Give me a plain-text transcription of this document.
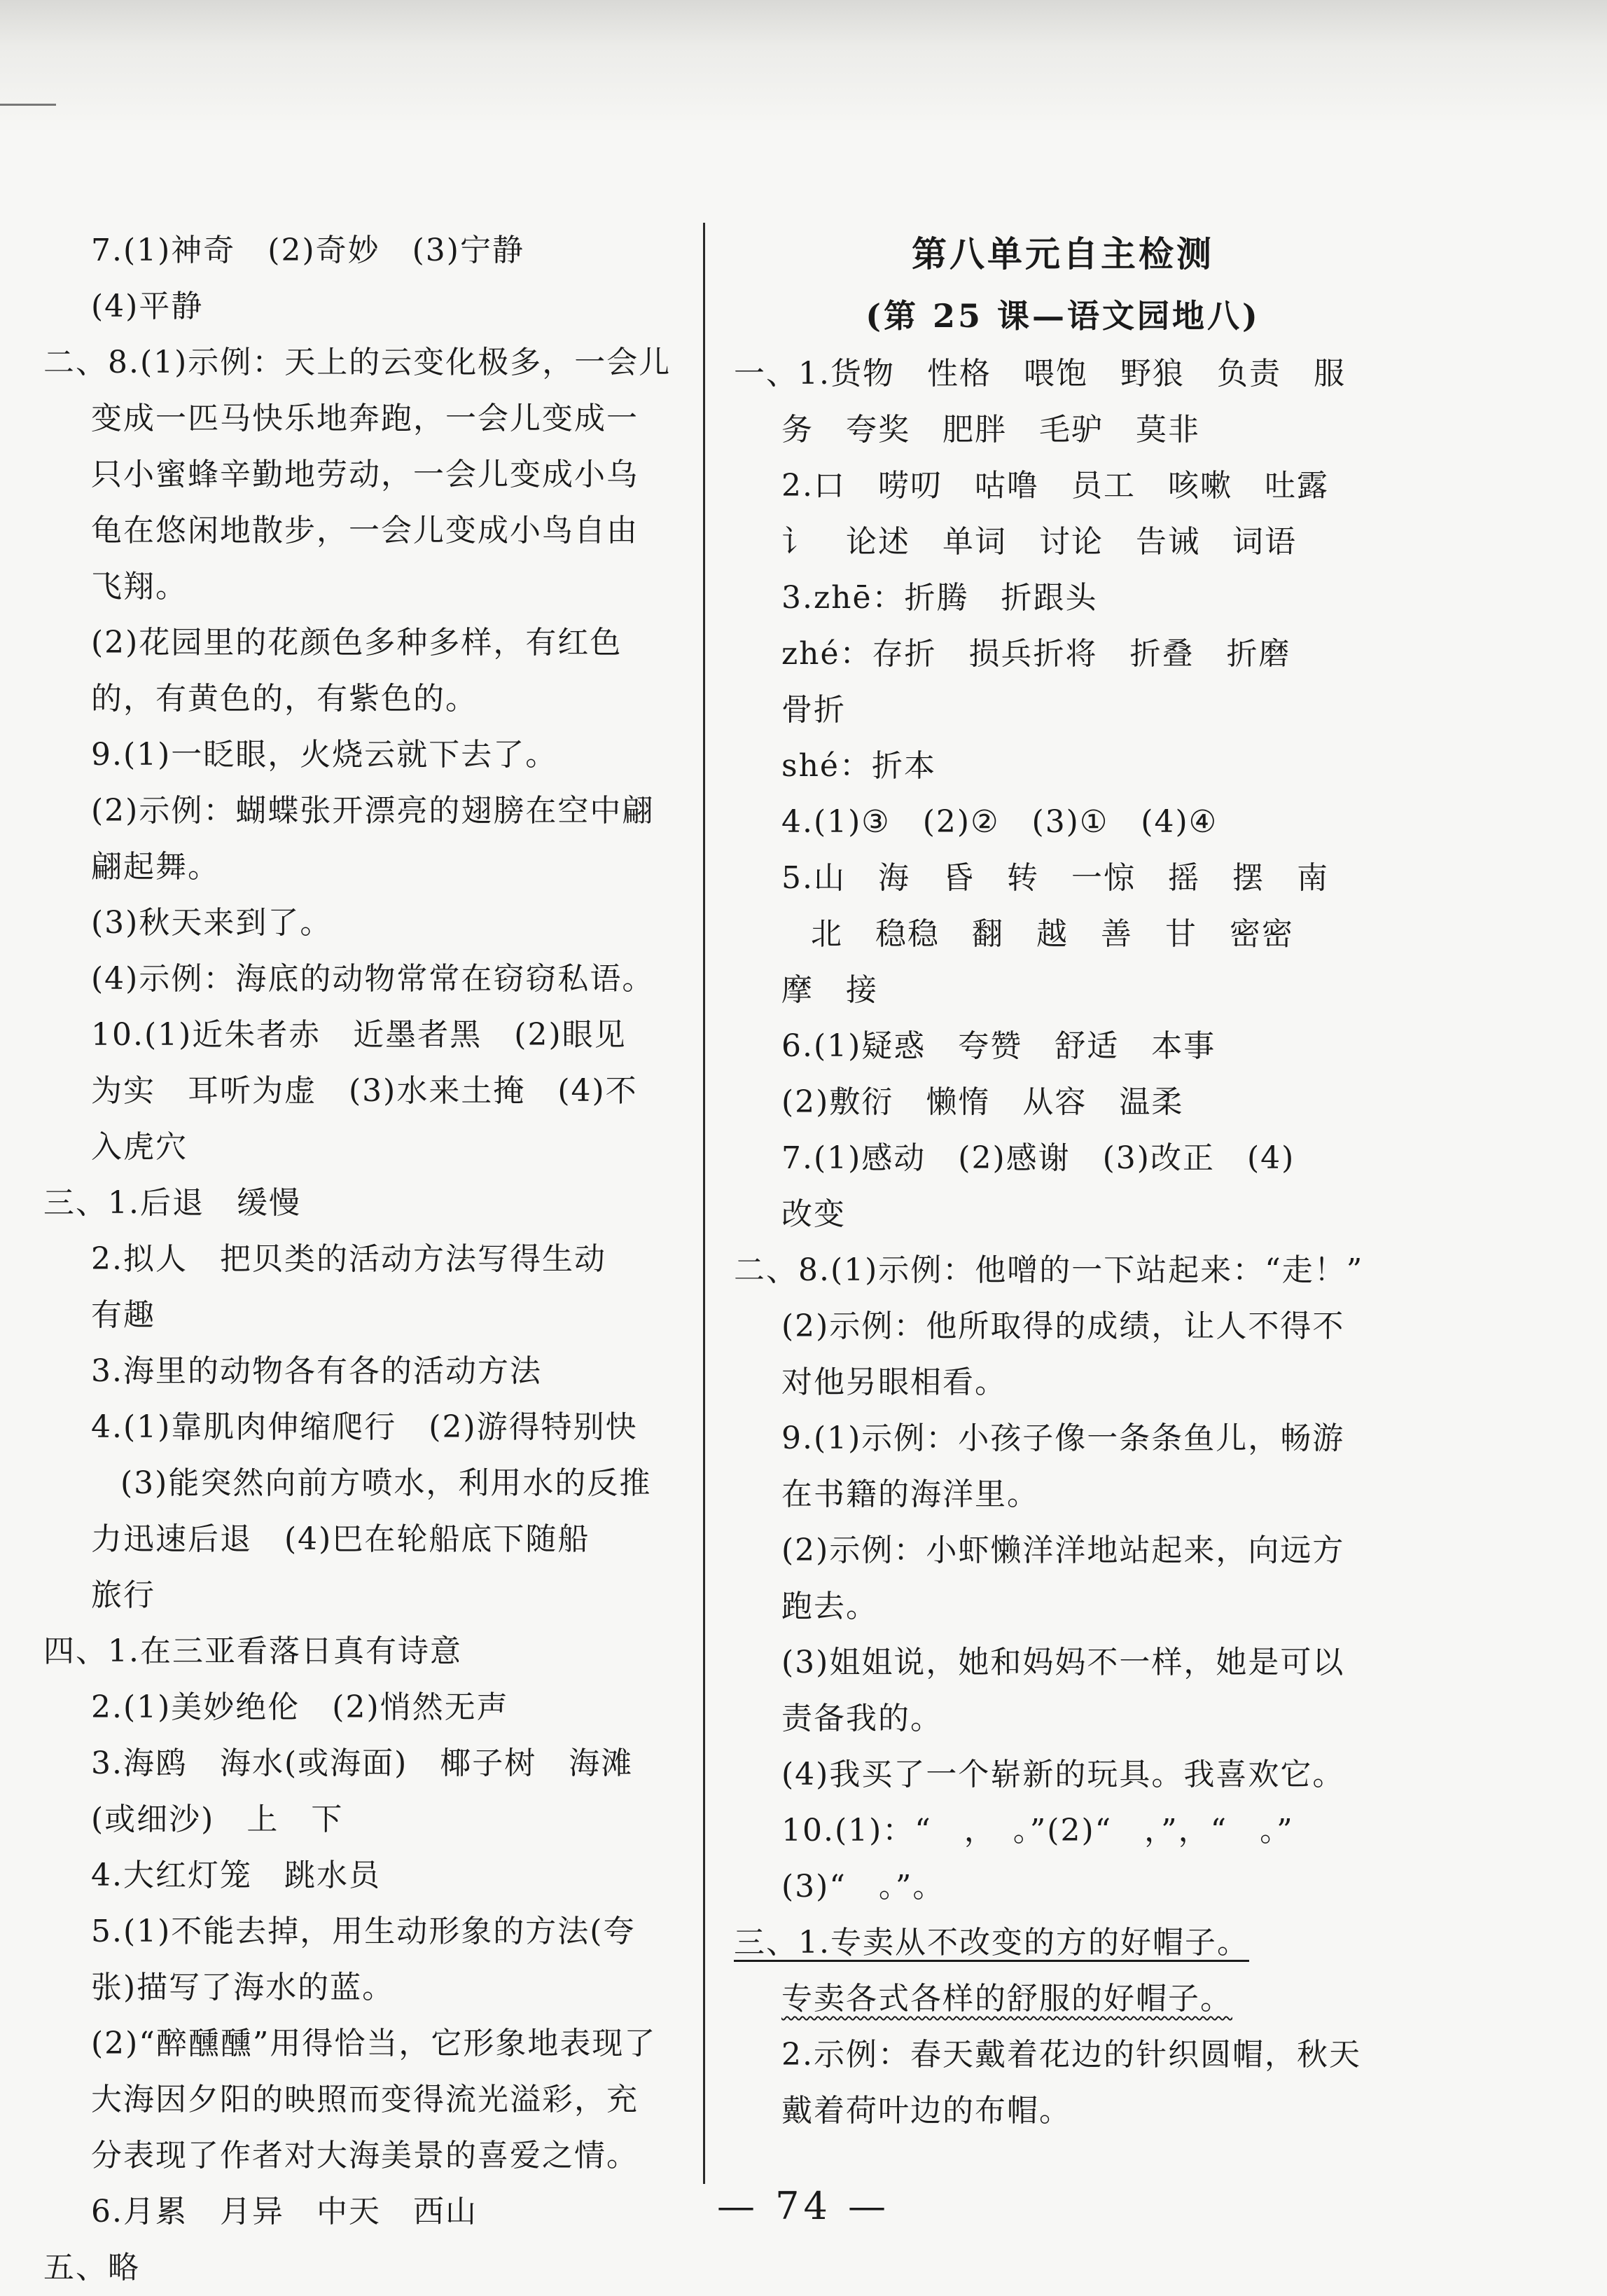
7.(1)神奇　(2)奇妙　(3)宁静
(4)平静
二、8.(1)示例：天上的云变化极多，一会儿
变成一匹马快乐地奔跑，一会儿变成一
只小蜜蜂辛勤地劳动，一会儿变成小乌
龟在悠闲地散步，一会儿变成小鸟自由
飞翔。
(2)花园里的花颜色多种多样，有红色
的，有黄色的，有紫色的。
9.(1)一眨眼，火烧云就下去了。
(2)示例：蝴蝶张开漂亮的翅膀在空中翩
翩起舞。
(3)秋天来到了。
(4)示例：海底的动物常常在窃窃私语。
10.(1)近朱者赤　近墨者黑　(2)眼见
为实　耳听为虚　(3)水来土掩　(4)不
入虎穴
三、1.后退　缓慢
2.拟人　把贝类的活动方法写得生动
有趣
3.海里的动物各有各的活动方法
4.(1)靠肌肉伸缩爬行　(2)游得特别快
(3)能突然向前方喷水，利用水的反推
力迅速后退　(4)巴在轮船底下随船
旅行
四、1.在三亚看落日真有诗意
2.(1)美妙绝伦　(2)悄然无声
3.海鸥　海水(或海面)　椰子树　海滩
(或细沙)　上　下
4.大红灯笼　跳水员
5.(1)不能去掉，用生动形象的方法(夸
张)描写了海水的蓝。
(2)“醉醺醺”用得恰当，它形象地表现了
大海因夕阳的映照而变得流光溢彩，充
分表现了作者对大海美景的喜爱之情。
6.月累　月异　中天　西山
五、略
第八单元自主检测
(第 25 课—语文园地八)
一、1.货物　性格　喂饱　野狼　负责　服
务　夸奖　肥胖　毛驴　莫非
2.口　唠叨　咕噜　员工　咳嗽　吐露
讠　论述　单词　讨论　告诫　词语
3.zhē：折腾　折跟头
zhé：存折　损兵折将　折叠　折磨
骨折
shé：折本
4.(1)③　(2)②　(3)①　(4)④
5.山　海　昏　转　一惊　摇　摆　南
北　稳稳　翻　越　善　甘　密密
摩　接
6.(1)疑惑　夸赞　舒适　本事
(2)敷衍　懒惰　从容　温柔
7.(1)感动　(2)感谢　(3)改正　(4)
改变
二、8.(1)示例：他噌的一下站起来：“走！”
(2)示例：他所取得的成绩，让人不得不
对他另眼相看。
9.(1)示例：小孩子像一条条鱼儿，畅游
在书籍的海洋里。
(2)示例：小虾懒洋洋地站起来，向远方
跑去。
(3)姐姐说，她和妈妈不一样，她是可以
责备我的。
(4)我买了一个崭新的玩具。我喜欢它。
10.(1)：“　，　。”(2)“　，”，“　。”
(3)“　。”。
三、1.专卖从不改变的方的好帽子。
专卖各式各样的舒服的好帽子。
2.示例：春天戴着花边的针织圆帽，秋天
戴着荷叶边的布帽。
— 74 —
